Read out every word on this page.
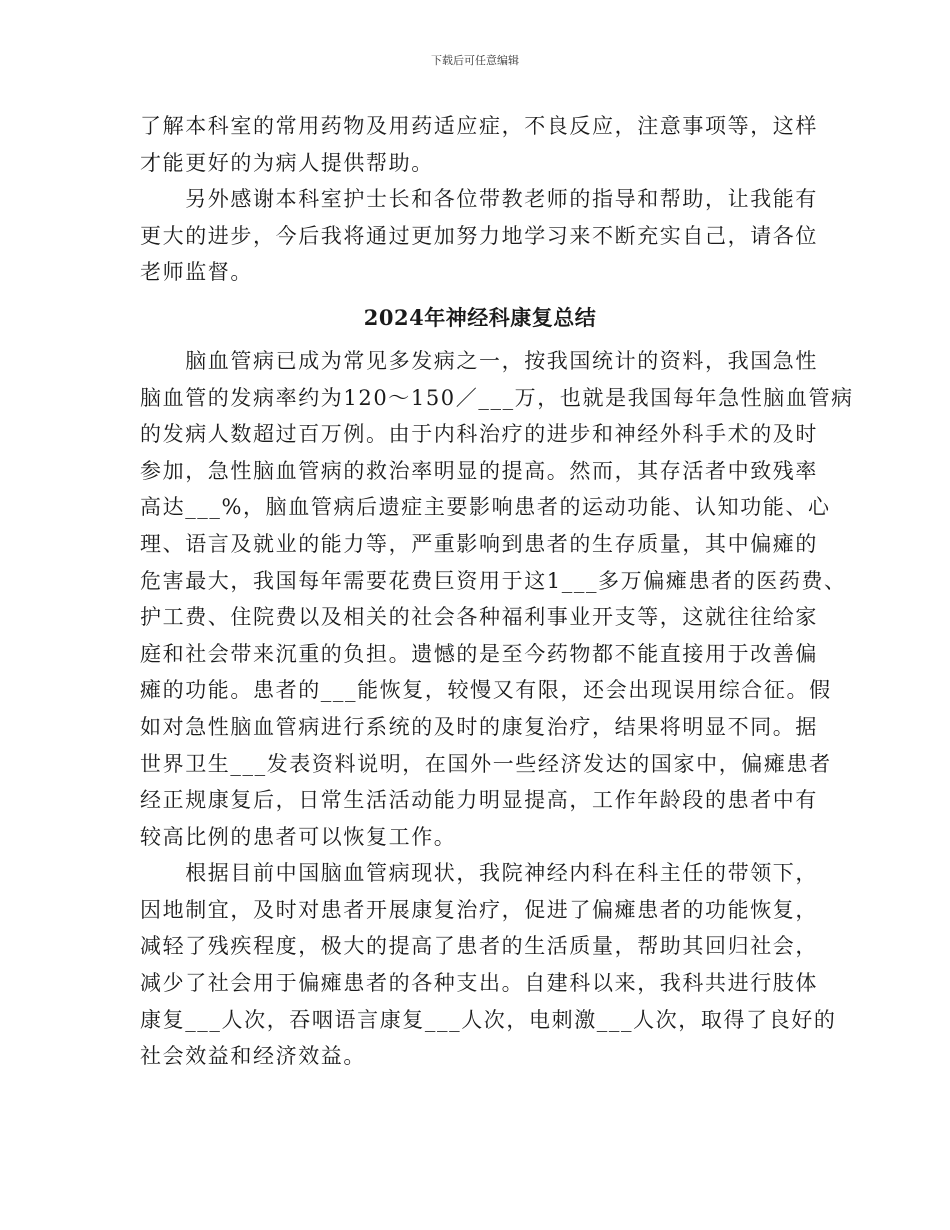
下载后可任意编辑

了解本科室的常用药物及用药适应症，不良反应，注意事项等，这样
才能更好的为病人提供帮助。

　　另外感谢本科室护士长和各位带教老师的指导和帮助，让我能有
更大的进步，今后我将通过更加努力地学习来不断充实自己，请各位
老师监督。

2024年神经科康复总结

　　脑血管病已成为常见多发病之一，按我国统计的资料，我国急性
脑血管的发病率约为120～150／___万，也就是我国每年急性脑血管病
的发病人数超过百万例。由于内科治疗的进步和神经外科手术的及时
参加，急性脑血管病的救治率明显的提高。然而，其存活者中致残率
高达___%，脑血管病后遗症主要影响患者的运动功能、认知功能、心
理、语言及就业的能力等，严重影响到患者的生存质量，其中偏瘫的
危害最大，我国每年需要花费巨资用于这1___多万偏瘫患者的医药费、
护工费、住院费以及相关的社会各种福利事业开支等，这就往往给家
庭和社会带来沉重的负担。遗憾的是至今药物都不能直接用于改善偏
瘫的功能。患者的___能恢复，较慢又有限，还会出现误用综合征。假
如对急性脑血管病进行系统的及时的康复治疗，结果将明显不同。据
世界卫生___发表资料说明，在国外一些经济发达的国家中，偏瘫患者
经正规康复后，日常生活活动能力明显提高，工作年龄段的患者中有
较高比例的患者可以恢复工作。

　　根据目前中国脑血管病现状，我院神经内科在科主任的带领下，
因地制宜，及时对患者开展康复治疗，促进了偏瘫患者的功能恢复，
减轻了残疾程度，极大的提高了患者的生活质量，帮助其回归社会，
减少了社会用于偏瘫患者的各种支出。自建科以来，我科共进行肢体
康复___人次，吞咽语言康复___人次，电刺激___人次，取得了良好的
社会效益和经济效益。
